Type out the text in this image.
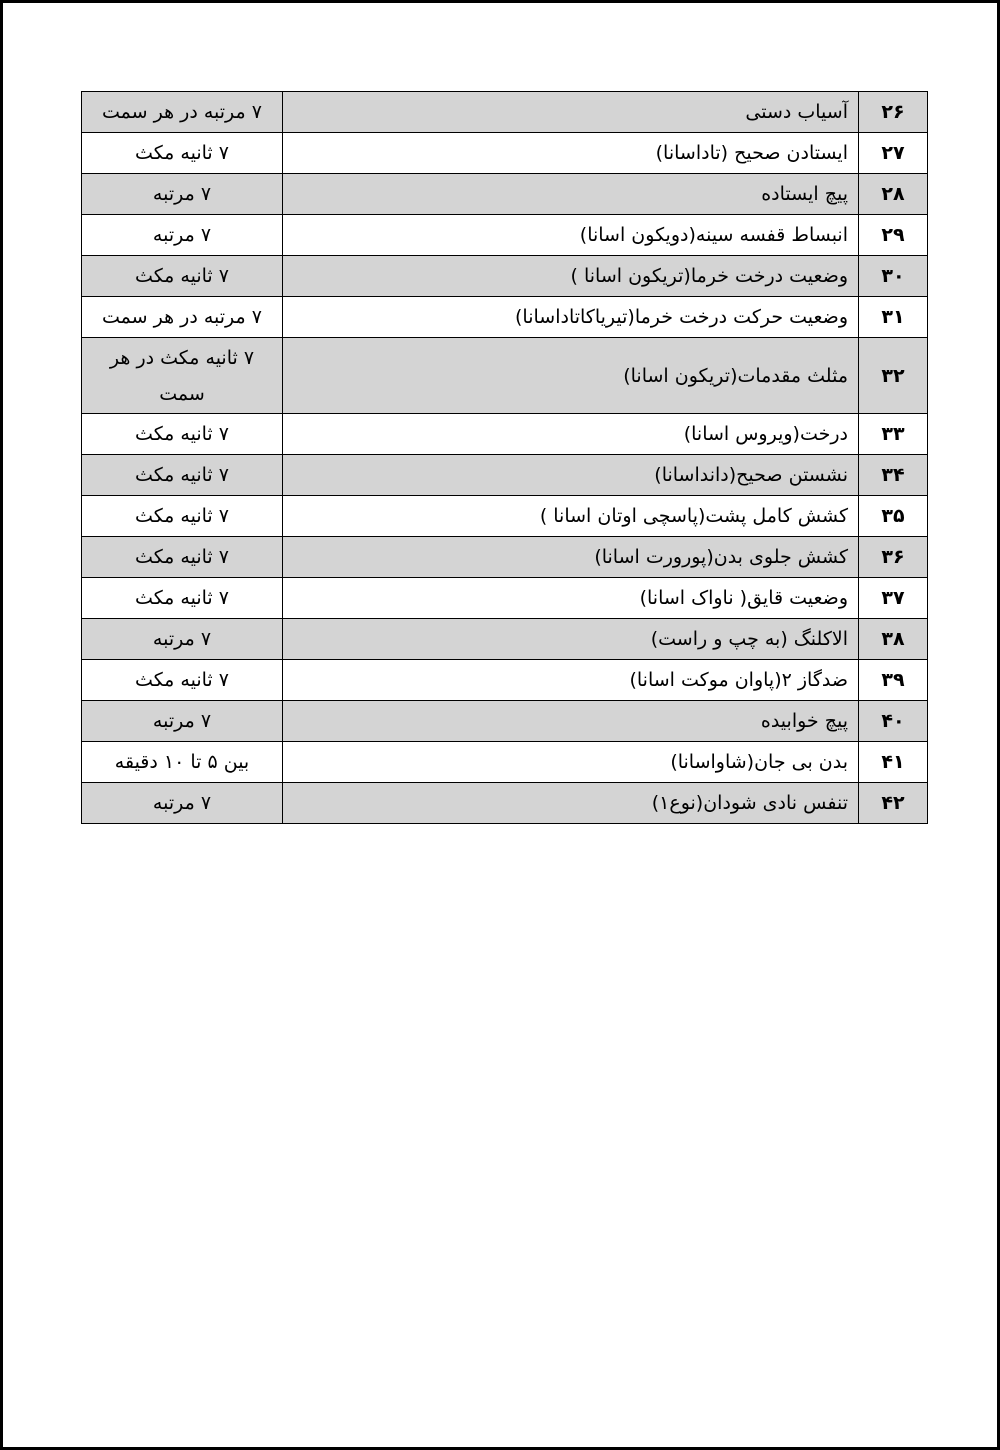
۲۶	آسیاب دستی	۷ مرتبه در هر سمت
۲۷	ایستادن صحیح (تاداسانا)	۷ ثانیه مکث
۲۸	پیچ ایستاده	۷ مرتبه
۲۹	انبساط قفسه سینه(دویکون اسانا)	۷ مرتبه
۳۰	وضعیت درخت خرما(تریکون اسانا )	۷ ثانیه مکث
۳۱	وضعیت حرکت درخت خرما(تیریاکاتاداسانا)	۷ مرتبه در هر سمت
۳۲	مثلث مقدمات(تریکون اسانا)	۷ ثانیه مکث در هر سمت
۳۳	درخت(ویروس اسانا)	۷ ثانیه مکث
۳۴	نشستن صحیح(دانداسانا)	۷ ثانیه مکث
۳۵	کشش کامل پشت(پاسچی اوتان اسانا )	۷ ثانیه مکث
۳۶	کشش جلوی بدن(پورورت اسانا)	۷ ثانیه مکث
۳۷	وضعیت قایق( ناواک اسانا)	۷ ثانیه مکث
۳۸	الاکلنگ (به چپ و راست)	۷ مرتبه
۳۹	ضدگاز ۲(پاوان موکت اسانا)	۷ ثانیه مکث
۴۰	پیچ خوابیده	۷ مرتبه
۴۱	بدن بی جان(شاواسانا)	بین ۵ تا ۱۰ دقیقه
۴۲	تنفس نادی شودان(نوع۱)	۷ مرتبه
